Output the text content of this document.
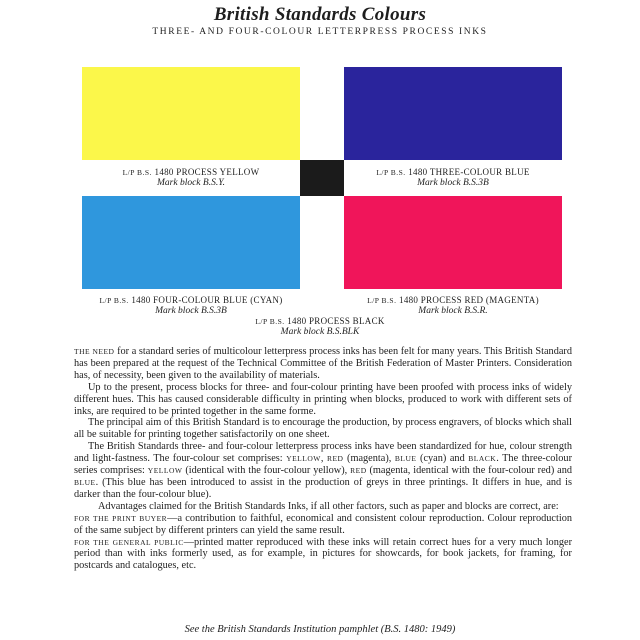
British Standards Colours
THREE- AND FOUR-COLOUR LETTERPRESS PROCESS INKS
L/P B.S. 1480 PROCESS YELLOW
Mark block B.S.Y.
L/P B.S. 1480 THREE-COLOUR BLUE
Mark block B.S.3B
L/P B.S. 1480 FOUR-COLOUR BLUE (CYAN)
Mark block B.S.3B
L/P B.S. 1480 PROCESS RED (MAGENTA)
Mark block B.S.R.
L/P B.S. 1480 PROCESS BLACK
Mark block B.S.BLK

THE NEED for a standard series of multicolour letterpress process inks has been felt for many years. This British Standard has been prepared at the request of the Technical Committee of the British Federation of Master Printers. Consideration has, of necessity, been given to the availability of materials.

Up to the present, process blocks for three- and four-colour printing have been proofed with process inks of widely different hues. This has caused considerable difficulty in printing when blocks, produced to work with different sets of inks, are required to be printed together in the same forme.

The principal aim of this British Standard is to encourage the production, by process engravers, of blocks which shall all be suitable for printing together satisfactorily on one sheet.

The British Standards three- and four-colour letterpress process inks have been standardized for hue, colour strength and light-fastness. The four-colour set comprises: YELLOW, RED (magenta), BLUE (cyan) and BLACK. The three-colour series comprises: YELLOW (identical with the four-colour yellow), RED (magenta, identical with the four-colour red) and BLUE. (This blue has been introduced to assist in the production of greys in three printings. It differs in hue, and is darker than the four-colour blue).

Advantages claimed for the British Standards Inks, if all other factors, such as paper and blocks are correct, are:

FOR THE PRINT BUYER—a contribution to faithful, economical and consistent colour reproduction. Colour reproduction of the same subject by different printers can yield the same result.

FOR THE GENERAL PUBLIC—printed matter reproduced with these inks will retain correct hues for a very much longer period than with inks formerly used, as for example, in pictures for showcards, for book jackets, for framing, for postcards and catalogues, etc.

See the British Standards Institution pamphlet (B.S. 1480: 1949)
